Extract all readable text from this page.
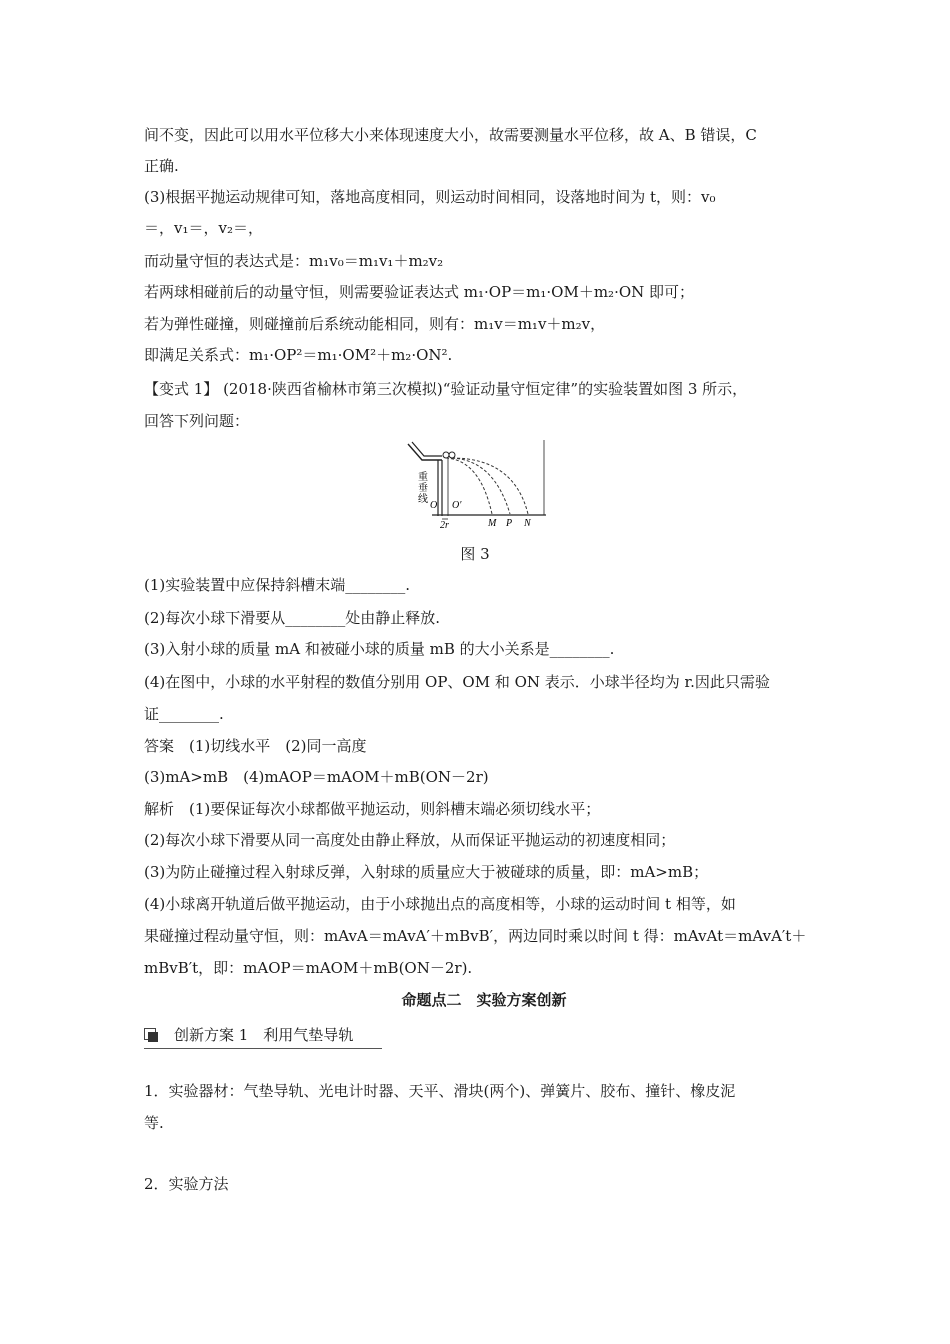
间不变，因此可以用水平位移大小来体现速度大小，故需要测量水平位移，故 A、B 错误，C
正确.
(3)根据平抛运动规律可知，落地高度相同，则运动时间相同，设落地时间为 t，则：v₀
＝，v₁＝，v₂＝，
而动量守恒的表达式是：m₁v₀＝m₁v₁＋m₂v₂
若两球相碰前后的动量守恒，则需要验证表达式 m₁·OP＝m₁·OM＋m₂·ON 即可；
若为弹性碰撞，则碰撞前后系统动能相同，则有：m₁v＝m₁v＋m₂v，
即满足关系式：m₁·OP²＝m₁·OM²＋m₂·ON².
【变式 1】 (2018·陕西省榆林市第三次模拟)“验证动量守恒定律”的实验装置如图 3 所示，
回答下列问题：
重
垂
线
O O′
2r	M P N
图 3
(1)实验装置中应保持斜槽末端________.
(2)每次小球下滑要从________处由静止释放.
(3)入射小球的质量 mA 和被碰小球的质量 mB 的大小关系是________.
(4)在图中，小球的水平射程的数值分别用 OP、OM 和 ON 表示．小球半径均为 r.因此只需验
证________.
答案　(1)切线水平　(2)同一高度
(3)mA>mB　(4)mAOP＝mAOM＋mB(ON－2r)
解析　(1)要保证每次小球都做平抛运动，则斜槽末端必须切线水平；
(2)每次小球下滑要从同一高度处由静止释放，从而保证平抛运动的初速度相同；
(3)为防止碰撞过程入射球反弹，入射球的质量应大于被碰球的质量，即：mA>mB；
(4)小球离开轨道后做平抛运动，由于小球抛出点的高度相等，小球的运动时间 t 相等，如
果碰撞过程动量守恒，则：mAvA＝mAvA′＋mBvB′，两边同时乘以时间 t 得：mAvAt＝mAvA′t＋
mBvB′t，即：mAOP＝mAOM＋mB(ON－2r).
命题点二　实验方案创新
创新方案 1　利用气垫导轨
1．实验器材：气垫导轨、光电计时器、天平、滑块(两个)、弹簧片、胶布、撞针、橡皮泥
等.
2．实验方法
